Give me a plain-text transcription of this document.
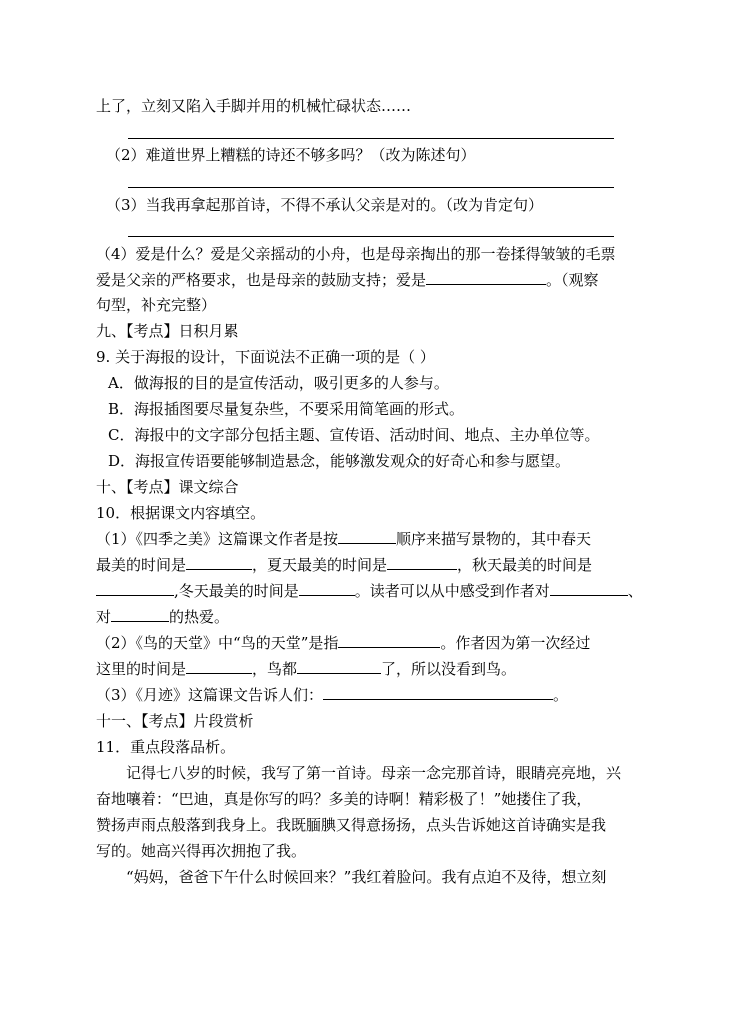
上了，立刻又陷入手脚并用的机械忙碌状态……
（2）难道世界上糟糕的诗还不够多吗？（改为陈述句）
（3）当我再拿起那首诗，不得不承认父亲是对的。（改为肯定句）
（4）爱是什么？爱是父亲摇动的小舟，也是母亲掏出的那一卷揉得皱皱的毛票
爱是父亲的严格要求，也是母亲的鼓励支持；爱是	。（观察
句型，补充完整）
九、【考点】日积月累
9. 关于海报的设计，下面说法不正确一项的是（ ）
A．做海报的目的是宣传活动，吸引更多的人参与。
B．海报插图要尽量复杂些，不要采用简笔画的形式。
C．海报中的文字部分包括主题、宣传语、活动时间、地点、主办单位等。
D．海报宣传语要能够制造悬念，能够激发观众的好奇心和参与愿望。
十、【考点】课文综合
10．根据课文内容填空。
（1）《四季之美》这篇课文作者是按	顺序来描写景物的，其中春天
最美的时间是	，夏天最美的时间是	，秋天最美的时间是
,冬天最美的时间是	。读者可以从中感受到作者对	、
对	的热爱。
（2）《鸟的天堂》中“鸟的天堂”是指	。作者因为第一次经过
这里的时间是	，鸟都	了，所以没看到鸟。
（3）《月迹》这篇课文告诉人们：	。
十一、【考点】片段赏析
11．重点段落品析。
记得七八岁的时候，我写了第一首诗。母亲一念完那首诗，眼睛亮亮地，兴
奋地嚷着：“巴迪，真是你写的吗？多美的诗啊！精彩极了！”她搂住了我，
赞扬声雨点般落到我身上。我既腼腆又得意扬扬，点头告诉她这首诗确实是我
写的。她高兴得再次拥抱了我。
“妈妈，爸爸下午什么时候回来？”我红着脸问。我有点迫不及待，想立刻
